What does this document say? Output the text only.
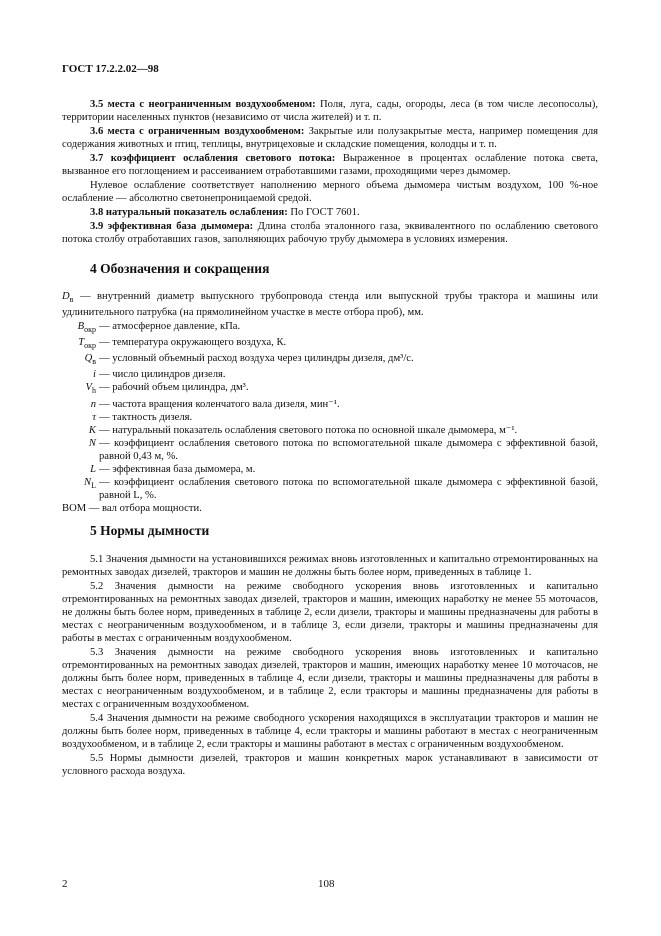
ГОСТ 17.2.2.02—98

3.5 места с неограниченным воздухообменом: Поля, луга, сады, огороды, леса (в том числе лесопосолы), территории населенных пунктов (независимо от числа жителей) и т. п.

3.6 места с ограниченным воздухообменом: Закрытые или полузакрытые места, например помещения для содержания животных и птиц, теплицы, внутрицеховые и складские помещения, колодцы и т. п.

3.7 коэффициент ослабления светового потока: Выраженное в процентах ослабление потока света, вызванное его поглощением и рассеиванием отработавшими газами, проходящими через дымомер.

Нулевое ослабление соответствует наполнению мерного объема дымомера чистым воздухом, 100 %-ное ослабление — абсолютно светонепроницаемой средой.

3.8 натуральный показатель ослабления: По ГОСТ 7601.

3.9 эффективная база дымомера: Длина столба эталонного газа, эквивалентного по ослаблению светового потока столбу отработавших газов, заполняющих рабочую трубу дымомера в условиях измерения.

4 Обозначения и сокращения

$D_в$ — внутренний диаметр выпускного трубопровода стенда или выпускной трубы трактора и машины или удлинительного патрубка (на прямолинейном участке в месте отбора проб), мм.

$B_{окр}$ — атмосферное давление, кПа.
$T_{окр}$ — температура окружающего воздуха, К.
$Q_в$ — условный объемный расход воздуха через цилиндры дизеля, дм³/с.
i — число цилиндров дизеля.
$V_h$ — рабочий объем цилиндра, дм³.
n — частота вращения коленчатого вала дизеля, мин⁻¹.
τ — тактность дизеля.
K — натуральный показатель ослабления светового потока по основной шкале дымомера, м⁻¹.
N — коэффициент ослабления светового потока по вспомогательной шкале дымомера с эффективной базой, равной 0,43 м, %.
L — эффективная база дымомера, м.
$N_L$ — коэффициент ослабления светового потока по вспомогательной шкале дымомера с эффективной базой, равной L, %.

ВОМ — вал отбора мощности.

5 Нормы дымности

5.1 Значения дымности на установившихся режимах вновь изготовленных и капитально отремонтированных на ремонтных заводах дизелей, тракторов и машин не должны быть более норм, приведенных в таблице 1.

5.2 Значения дымности на режиме свободного ускорения вновь изготовленных и капитально отремонтированных на ремонтных заводах дизелей, тракторов и машин, имеющих наработку не менее 55 моточасов, не должны быть более норм, приведенных в таблице 2, если дизели, тракторы и машины предназначены для работы в местах с неограниченным воздухообменом, и в таблице 3, если дизели, тракторы и машины предназначены для работы в местах с ограниченным воздухообменом.

5.3 Значения дымности на режиме свободного ускорения вновь изготовленных и капитально отремонтированных на ремонтных заводах дизелей, тракторов и машин, имеющих наработку менее 10 моточасов, не должны быть более норм, приведенных в таблице 4, если дизели, тракторы и машины предназначены для работы в местах с неограниченным воздухообменом, и в таблице 2, если тракторы и машины предназначены для работы в местах с ограниченным воздухообменом.

5.4 Значения дымности на режиме свободного ускорения находящихся в эксплуатации тракторов и машин не должны быть более норм, приведенных в таблице 4, если тракторы и машины работают в местах с неограниченным воздухообменом, и в таблице 2, если тракторы и машины работают в местах с ограниченным воздухообменом.

5.5 Нормы дымности дизелей, тракторов и машин конкретных марок устанавливают в зависимости от условного расхода воздуха.

2	108
